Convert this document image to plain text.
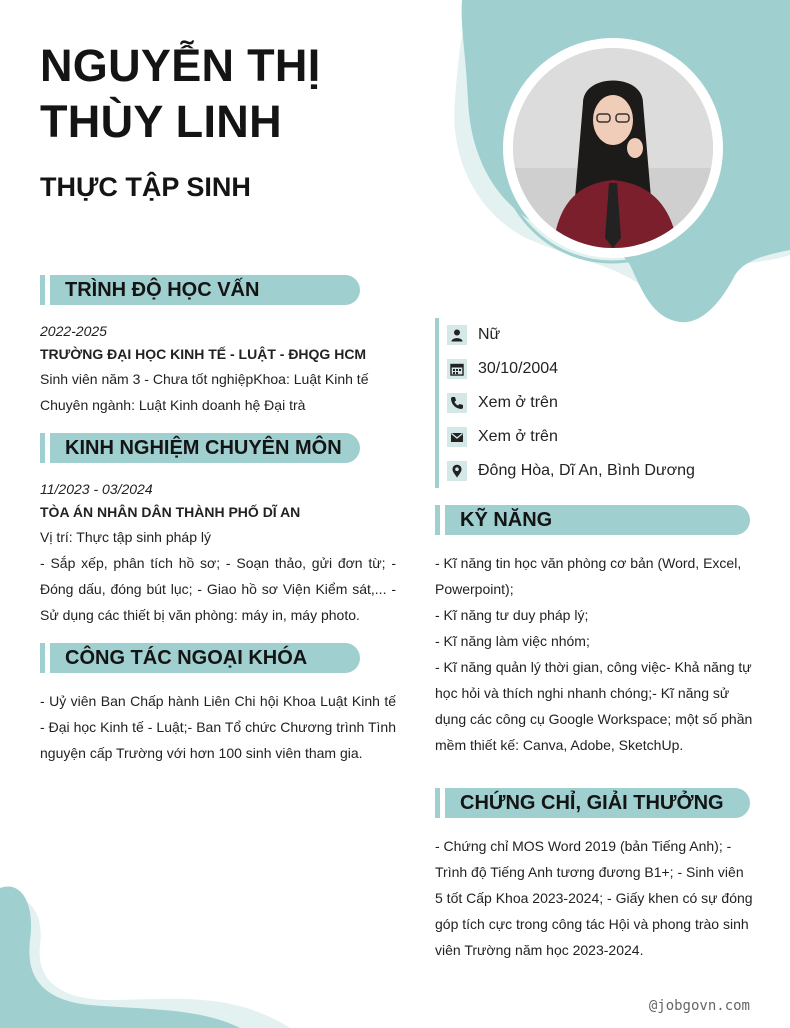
NGUYỄN THỊ
THÙY LINH
THỰC TẬP SINH
TRÌNH ĐỘ HỌC VẤN
2022-2025
TRƯỜNG ĐẠI HỌC KINH TẾ - LUẬT - ĐHQG HCM
Sinh viên năm 3 - Chưa tốt nghiệpKhoa: Luật Kinh tế
Chuyên ngành: Luật Kinh doanh hệ Đại trà
KINH NGHIỆM CHUYÊN MÔN
11/2023 - 03/2024
TÒA ÁN NHÂN DÂN THÀNH PHỐ DĨ AN
Vị trí: Thực tập sinh pháp lý
- Sắp xếp, phân tích hồ sơ; - Soạn thảo, gửi đơn từ; - Đóng dấu, đóng bút lục; - Giao hồ sơ Viện Kiểm sát,... - Sử dụng các thiết bị văn phòng: máy in, máy photo.
CÔNG TÁC NGOẠI KHÓA
- Uỷ viên Ban Chấp hành Liên Chi hội Khoa Luật Kinh tế - Đại học Kinh tế - Luật;- Ban Tổ chức Chương trình Tình nguyện cấp Trường với hơn 100 sinh viên tham gia.
Nữ
30/10/2004
Xem ở trên
Xem ở trên
Đông Hòa, Dĩ An, Bình Dương
KỸ NĂNG
- Kĩ năng tin học văn phòng cơ bản (Word, Excel, Powerpoint);
- Kĩ năng tư duy pháp lý;
- Kĩ năng làm việc nhóm;
- Kĩ năng quản lý thời gian, công việc- Khả năng tự học hỏi và thích nghi nhanh chóng;- Kĩ năng sử dụng các công cụ Google Workspace; một số phần mềm thiết kế: Canva, Adobe, SketchUp.
CHỨNG CHỈ, GIẢI THƯỞNG
- Chứng chỉ MOS Word 2019 (bản Tiếng Anh); - Trình độ Tiếng Anh tương đương B1+; - Sinh viên 5 tốt Cấp Khoa 2023-2024; - Giấy khen có sự đóng góp tích cực trong công tác Hội và phong trào sinh viên Trường năm học 2023-2024.
@jobgovn.com
